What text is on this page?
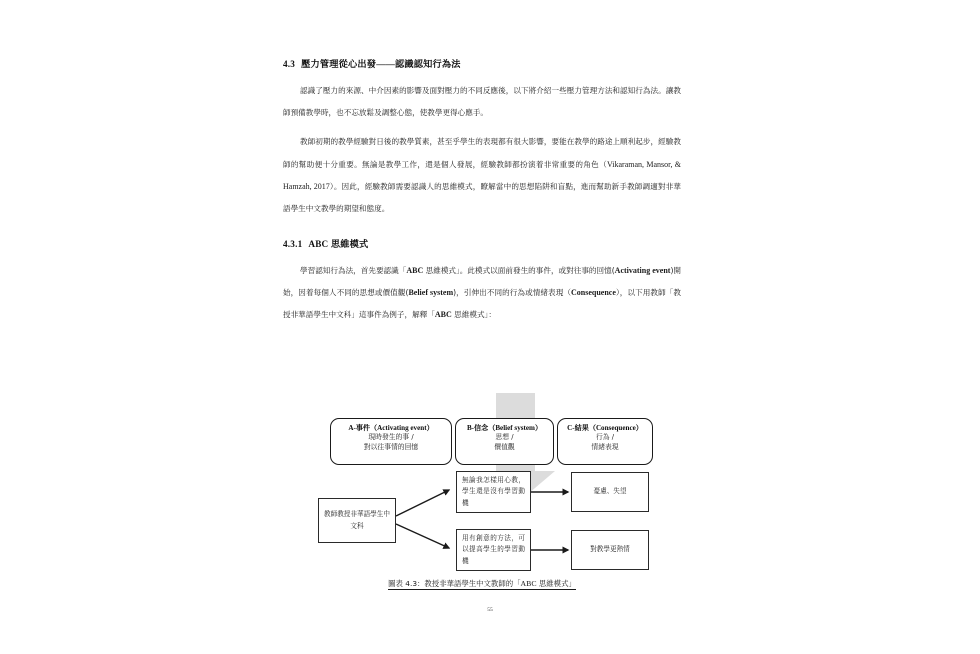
4.3 壓力管理從心出發——認識認知行為法

認識了壓力的來源、中介因素的影響及面對壓力的不同反應後，以下將介紹一些壓力管理方法和認知行為法。讓教師預備教學時，也不忘放鬆及調整心態，使教學更得心應手。

教師初期的教學經驗對日後的教學質素，甚至乎學生的表現都有很大影響，要能在教學的路途上順利起步，經驗教師的幫助便十分重要。無論是教學工作，還是個人發展，經驗教師都扮演着非常重要的角色（Vikaraman, Mansor, & Hamzah, 2017）。因此，經驗教師需要認識人的思維模式，瞭解當中的思想陷阱和盲點，進而幫助新手教師調適對非華語學生中文教學的期望和態度。

4.3.1 ABC 思維模式

學習認知行為法，首先要認識「ABC 思維模式」。此模式以面前發生的事件，或對往事的回憶(Activating event)開始，因着每個人不同的思想或價值觀(Belief system)，引伸出不同的行為或情緒表現（Consequence），以下用教師「教授非華語學生中文科」這事件為例子，解釋「ABC 思維模式」：

A-事件（Activating event）
現時發生的事 /
對以往事情的回憶
B-信念（Belief system）
思想 /
價值觀
C-結果（Consequence）
行為 /
情緒表現
教師教授非華語學生中文科
無論我怎樣用心教，學生還是沒有學習動機
用有創意的方法，可以提高學生的學習動機
憂慮、失望
對教學更熱情
圖表 4.3：教授非華語學生中文教師的「ABC 思維模式」
55
